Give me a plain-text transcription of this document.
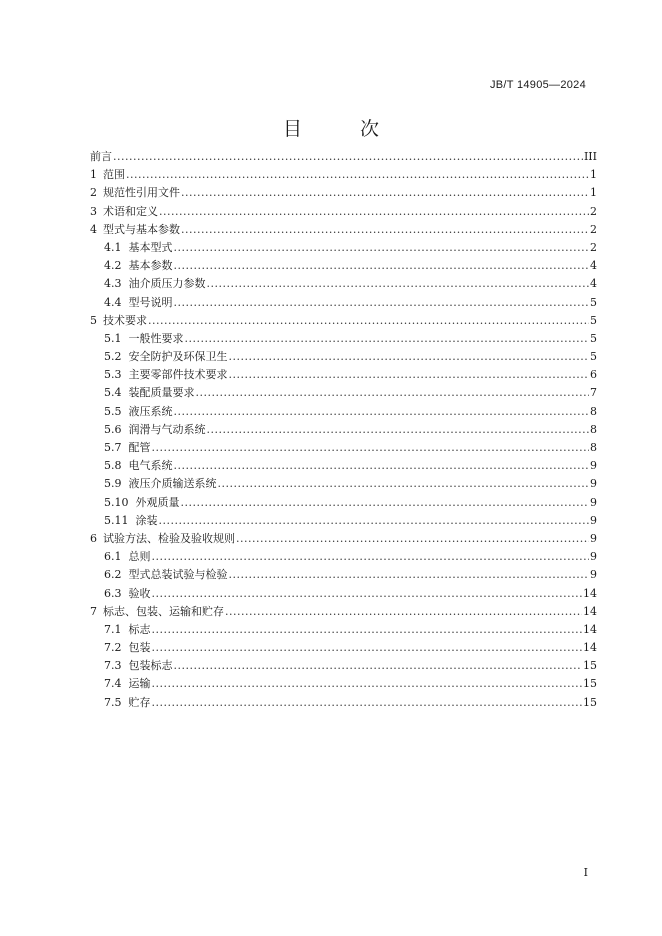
JB/T 14905—2024
目 次
前言 .....	III
1 范围 .....	1
2 规范性引用文件 .....	1
3 术语和定义 .....	2
4 型式与基本参数 .....	2
4.1 基本型式 .....	2
4.2 基本参数 .....	4
4.3 油介质压力参数 .....	4
4.4 型号说明 .....	5
5 技术要求 .....	5
5.1 一般性要求 .....	5
5.2 安全防护及环保卫生 .....	5
5.3 主要零部件技术要求 .....	6
5.4 装配质量要求 .....	7
5.5 液压系统 .....	8
5.6 润滑与气动系统 .....	8
5.7 配管 .....	8
5.8 电气系统 .....	9
5.9 液压介质输送系统 .....	9
5.10 外观质量 .....	9
5.11 涂装 .....	9
6 试验方法、检验及验收规则 .....	9
6.1 总则 .....	9
6.2 型式总装试验与检验 .....	9
6.3 验收 .....	14
7 标志、包装、运输和贮存 .....	14
7.1 标志 .....	14
7.2 包装 .....	14
7.3 包装标志 .....	15
7.4 运输 .....	15
7.5 贮存 .....	15
I
